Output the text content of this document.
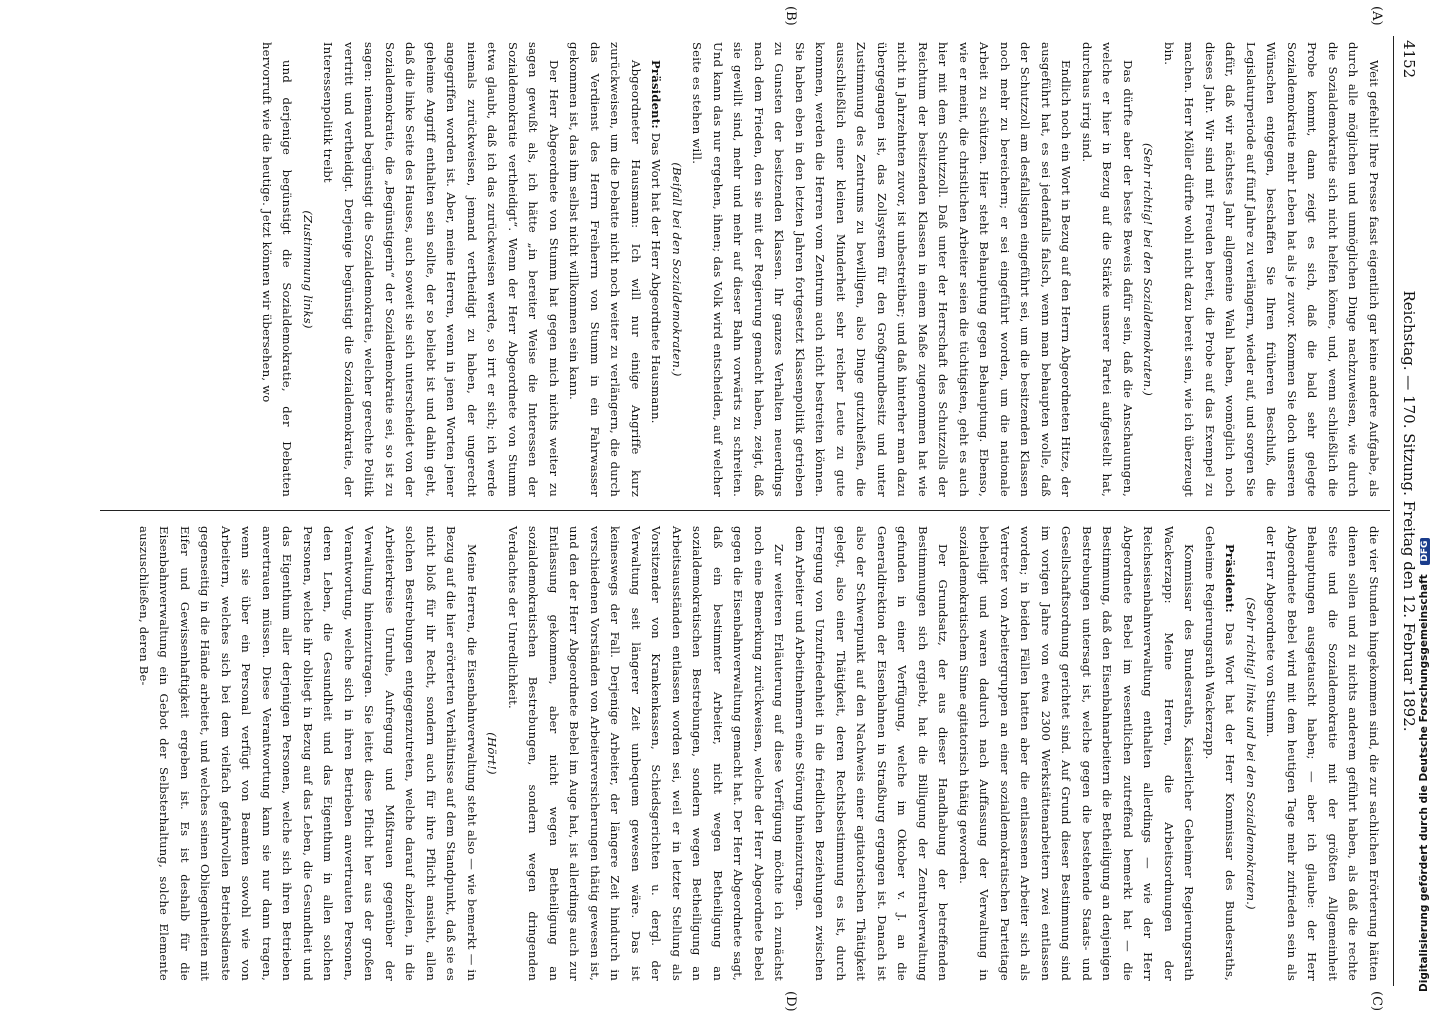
4152
Reichstag. — 170. Sitzung. Freitag den 12. Februar 1892.
(A)
(B)
(C)
(D)

Weit gefehlt! Ihre Presse fasst eigentlich gar keine andere Aufgabe, als durch alle möglichen und unmöglichen Dinge nachzuweisen, wie durch die Sozialdemokratie sich nicht helfen könne, und, wenn schließlich die Probe kommt, dann zeigt es sich, daß die bald sehr gelegte Sozialdemokratie mehr Leben hat als je zuvor. Kommen Sie doch unseren Wünschen entgegen, beschaffen Sie Ihren früheren Beschluß, die Legislaturperiode auf fünf Jahre zu verlängern, wieder auf, und sorgen Sie dafür, daß wir nächstes Jahr allgemeine Wahl haben, womöglich noch dieses Jahr. Wir sind mit Freuden bereit, die Probe auf das Exempel zu machen. Herr Möller dürfte wohl nicht dazu bereit sein, wie ich überzeugt bin.

(Sehr richtig! bei den Sozialdemokraten.)

Das dürfte aber der beste Beweis dafür sein, daß die Anschauungen, welche er hier in Bezug auf die Stärke unserer Partei aufgestellt hat, durchaus irrig sind.

Endlich noch ein Wort in Bezug auf den Herrn Abgeordneten Hitze, der ausgeführt hat, es sei jedenfalls falsch, wenn man behaupten wolle, daß der Schutzzoll am desfallsigen eingeführt sei, um die besitzenden Klassen noch mehr zu bereichern; er sei eingeführt worden, um die nationale Arbeit zu schützen. Hier steht Behauptung gegen Behauptung. Ebenso, wie er meint, die christlichen Arbeiter seien die tüchtigsten, geht es auch hier mit dem Schutzzoll. Daß unter der Herrschaft des Schutzzolls der Reichtum der besitzenden Klassen in einem Maße zugenommen hat wie nicht in Jahrzehnten zuvor, ist unbestreitbar; und daß hinterher man dazu übergegangen ist, das Zollsystem für den Großgrundbesitz und unter Zustimmung des Zentrums zu bewilligen, also Dinge gutzuheißen, die ausschließlich einer kleinen Minderheit sehr reicher Leute zu gute kommen, werden die Herren vom Zentrum auch nicht bestreiten können. Sie haben eben in den letzten Jahren fortgesetzt Klassenpolitik getrieben zu Gunsten der besitzenden Klassen. Ihr ganzes Verhalten neuerdings nach dem Frieden, den sie mit der Regierung gemacht haben, zeigt, daß sie gewillt sind, mehr und mehr auf dieser Bahn vorwärts zu schreiten. Und kann das nur ergehen, ihnen; das Volk wird entscheiden, auf welcher Seite es stehen will.

(Beifall bei den Sozialdemokraten.)

Präsident: Das Wort hat der Herr Abgeordnete Hausmann.

Abgeordneter Hausmann: Ich will nur einige Angriffe kurz zurückweisen, um die Debatte nicht noch weiter zu verlängern, die durch das Verdienst des Herrn Freiherrn von Stumm in ein Fahrwasser gekommen ist, das ihm selbst nicht willkommen sein kann.

Der Herr Abgeordnete von Stumm hat gegen mich nichts weiter zu sagen gewußt als, ich hätte „in bereiter Weise die Interessen der Sozialdemokratie vertheidigt“. Wenn der Herr Abgeordnete von Stumm etwa glaubt, daß ich das zurückweisen werde, so irrt er sich; ich werde niemals zurückweisen, jemand vertheidigt zu haben, der ungerecht angegriffen worden ist. Aber, meine Herren, wenn in jenen Worten jener geheime Angriff enthalten sein sollte, der so beliebt ist und dahin geht, daß die linke Seite des Hauses, auch soweit sie sich unterscheidet von der Sozialdemokratie, die „Begünstigerin“ der Sozialdemokratie sei, so ist zu sagen: niemand begünstigt die Sozialdemokratie, welcher gerechte Politik vertritt und vertheidigt. Derjenige begünstigt die Sozialdemokratie, der Interessenpolitik treibt

(Zustimmung links)

und derjenige begünstigt die Sozialdemokratie, der Debatten hervorruft wie die heutige. Jetzt können wir übersehen, wo

die vier Stunden hingekommen sind, die zur sachlichen Erörterung hätten dienen sollen und zu nichts anderem geführt haben, als daß die rechte Seite und die Sozialdemokratie mit der größten Allgemeinheit Behauptungen ausgetauscht haben; — aber ich glaube: der Herr Abgeordnete Bebel wird mit dem heutigen Tage mehr zufrieden sein als der Herr Abgeordnete von Stumm.

(Sehr richtig! links und bei den Sozialdemokraten.)

Präsident: Das Wort hat der Herr Kommissar des Bundesraths, Geheime Regierungsrath Wackerzapp.

Kommissar des Bundesraths, Kaiserlicher Geheimer Regierungsrath Wackerzapp: Meine Herren, die Arbeitsordnungen der Reichseisenbahnverwaltung enthalten allerdings — wie der Herr Abgeordnete Bebel im wesentlichen zutreffend bemerkt hat — die Bestimmung, daß den Eisenbahnarbeitern die Betheiligung an denjenigen Bestrebungen untersagt ist, welche gegen die bestehende Staats- und Gesellschaftsordnung gerichtet sind. Auf Grund dieser Bestimmung sind im vorigen Jahre von etwa 2300 Werkstättenarbeitern zwei entlassen worden; in beiden Fällen hatten aber die entlassenen Arbeiter sich als Vertreter von Arbeitergruppen an einer sozialdemokratischen Parteitage betheiligt und waren dadurch nach Auffassung der Verwaltung in sozialdemokratischem Sinne agitatorisch thätig geworden.

Der Grundsatz, der aus dieser Handhabung der betreffenden Bestimmungen sich ergiebt, hat die Billigung der Zentralverwaltung gefunden in einer Verfügung, welche im Oktober v. J. an die Generaldirektion der Eisenbahnen in Straßburg ergangen ist. Danach ist also der Schwerpunkt auf den Nachweis einer agitatorischen Thätigkeit gelegt, also einer Thätigkeit, deren Rechtsbestimmung es ist, durch Erregung von Unzufriedenheit in die friedlichen Beziehungen zwischen dem Arbeiter und Arbeitnehmern eine Störung hineinzutragen.

Zur weiteren Erläuterung auf diese Verfügung möchte ich zunächst noch eine Bemerkung zurückweisen, welche der Herr Abgeordnete Bebel gegen die Eisenbahnverwaltung gemacht hat. Der Herr Abgeordnete sagt, daß ein bestimmter Arbeiter, nicht wegen Betheiligung an sozialdemokratischen Bestrebungen, sondern wegen Betheiligung an Arbeitsausständen entlassen worden sei, weil er in letzter Stellung als Vorsitzender von Krankenkassen, Schiedsgerichten u. dergl. der Verwaltung seit längerer Zeit unbequem gewesen wäre. Das ist keineswegs der Fall. Derjenige Arbeiter, der längere Zeit hindurch in verschiedenen Vorständen von Arbeiterversicherungen thätig gewesen ist, und den der Herr Abgeordnete Bebel im Auge hat, ist allerdings auch zur Entlassung gekommen, aber nicht wegen Betheiligung an sozialdemokratischen Bestrebungen, sondern wegen dringenden Verdachtes der Unredlichkeit.

(Hört!)

Meine Herren, die Eisenbahnverwaltung steht also — wie bemerkt — in Bezug auf die hier erörterten Verhältnisse auf dem Standpunkt, daß sie es nicht bloß für ihr Recht, sondern auch für ihre Pflicht ansieht, allen solchen Bestrebungen entgegenzutreten, welche darauf abzielen, in die Arbeiterkreise Unruhe, Aufregung und Mißtrauen gegenüber der Verwaltung hineinzutragen. Sie leitet diese Pflicht her aus der großen Verantwortung, welche sich in ihren Betrieben anvertrauten Personen, deren Leben, die Gesundheit und das Eigenthum in allen solchen Personen, welche ihr obliegt in Bezug auf das Leben, die Gesundheit und das Eigenthum aller derjenigen Personen, welche sich ihren Betrieben anvertrauen müssen. Diese Verantwortung kann sie nur dann tragen, wenn sie über ein Personal verfügt von Beamten sowohl wie von Arbeitern, welches sich bei dem vielfach gefahrvollen Betriebsdienste gegenseitig in die Hände arbeitet, und welches seinen Obliegenheiten mit Eifer und Gewissenhaftigkeit ergeben ist. Es ist deshalb für die Eisenbahnverwaltung ein Gebot der Selbsterhaltung, solche Elemente auszuschließen, deren Be-	Digitalisierung gefördert durch die Deutsche Forschungsgemeinschaft DFG
